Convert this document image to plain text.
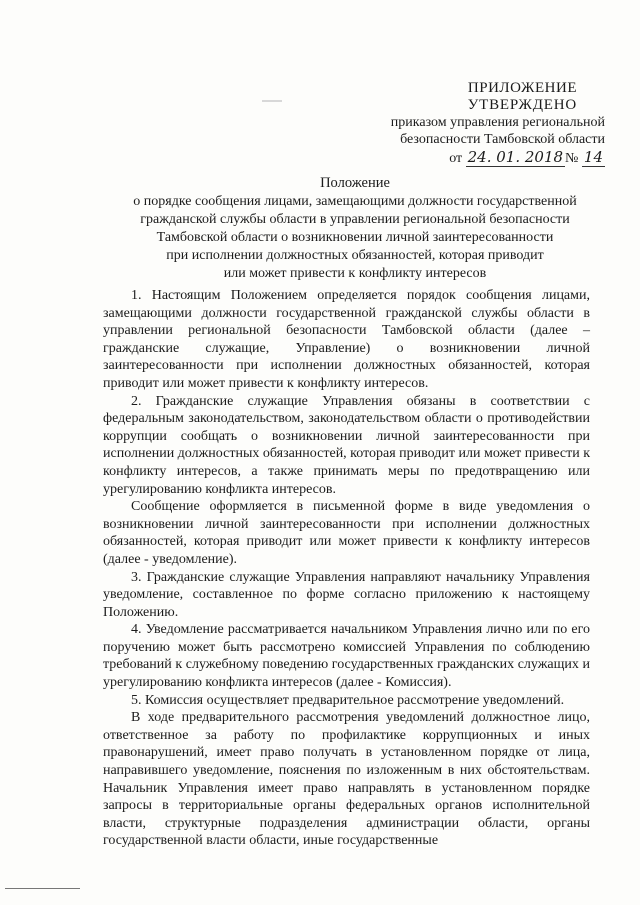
ПРИЛОЖЕНИЕ
УТВЕРЖДЕНО
приказом управления региональной
безопасности Тамбовской области
от 24. 01. 2018 № 14
Положение
о порядке сообщения лицами, замещающими должности государственной
гражданской службы области в управлении региональной безопасности
Тамбовской области о возникновении личной заинтересованности
при исполнении должностных обязанностей, которая приводит
или может привести к конфликту интересов

1. Настоящим Положением определяется порядок сообщения лицами, замещающими должности государственной гражданской службы области в управлении региональной безопасности Тамбовской области (далее – гражданские служащие, Управление) о возникновении личной заинтересованности при исполнении должностных обязанностей, которая приводит или может привести к конфликту интересов.

2. Гражданские служащие Управления обязаны в соответствии с федеральным законодательством, законодательством области о противодействии коррупции сообщать о возникновении личной заинтересованности при исполнении должностных обязанностей, которая приводит или может привести к конфликту интересов, а также принимать меры по предотвращению или урегулированию конфликта интересов.

Сообщение оформляется в письменной форме в виде уведомления о возникновении личной заинтересованности при исполнении должностных обязанностей, которая приводит или может привести к конфликту интересов (далее - уведомление).

3. Гражданские служащие Управления направляют начальнику Управления уведомление, составленное по форме согласно приложению к настоящему Положению.

4. Уведомление рассматривается начальником Управления лично или по его поручению может быть рассмотрено комиссией Управления по соблюдению требований к служебному поведению государственных гражданских служащих и урегулированию конфликта интересов (далее - Комиссия).

5. Комиссия осуществляет предварительное рассмотрение уведомлений.

В ходе предварительного рассмотрения уведомлений должностное лицо, ответственное за работу по профилактике коррупционных и иных правонарушений, имеет право получать в установленном порядке от лица, направившего уведомление, пояснения по изложенным в них обстоятельствам. Начальник Управления имеет право направлять в установленном порядке запросы в территориальные органы федеральных органов исполнительной власти, структурные подразделения администрации области, органы государственной власти области, иные государственные
